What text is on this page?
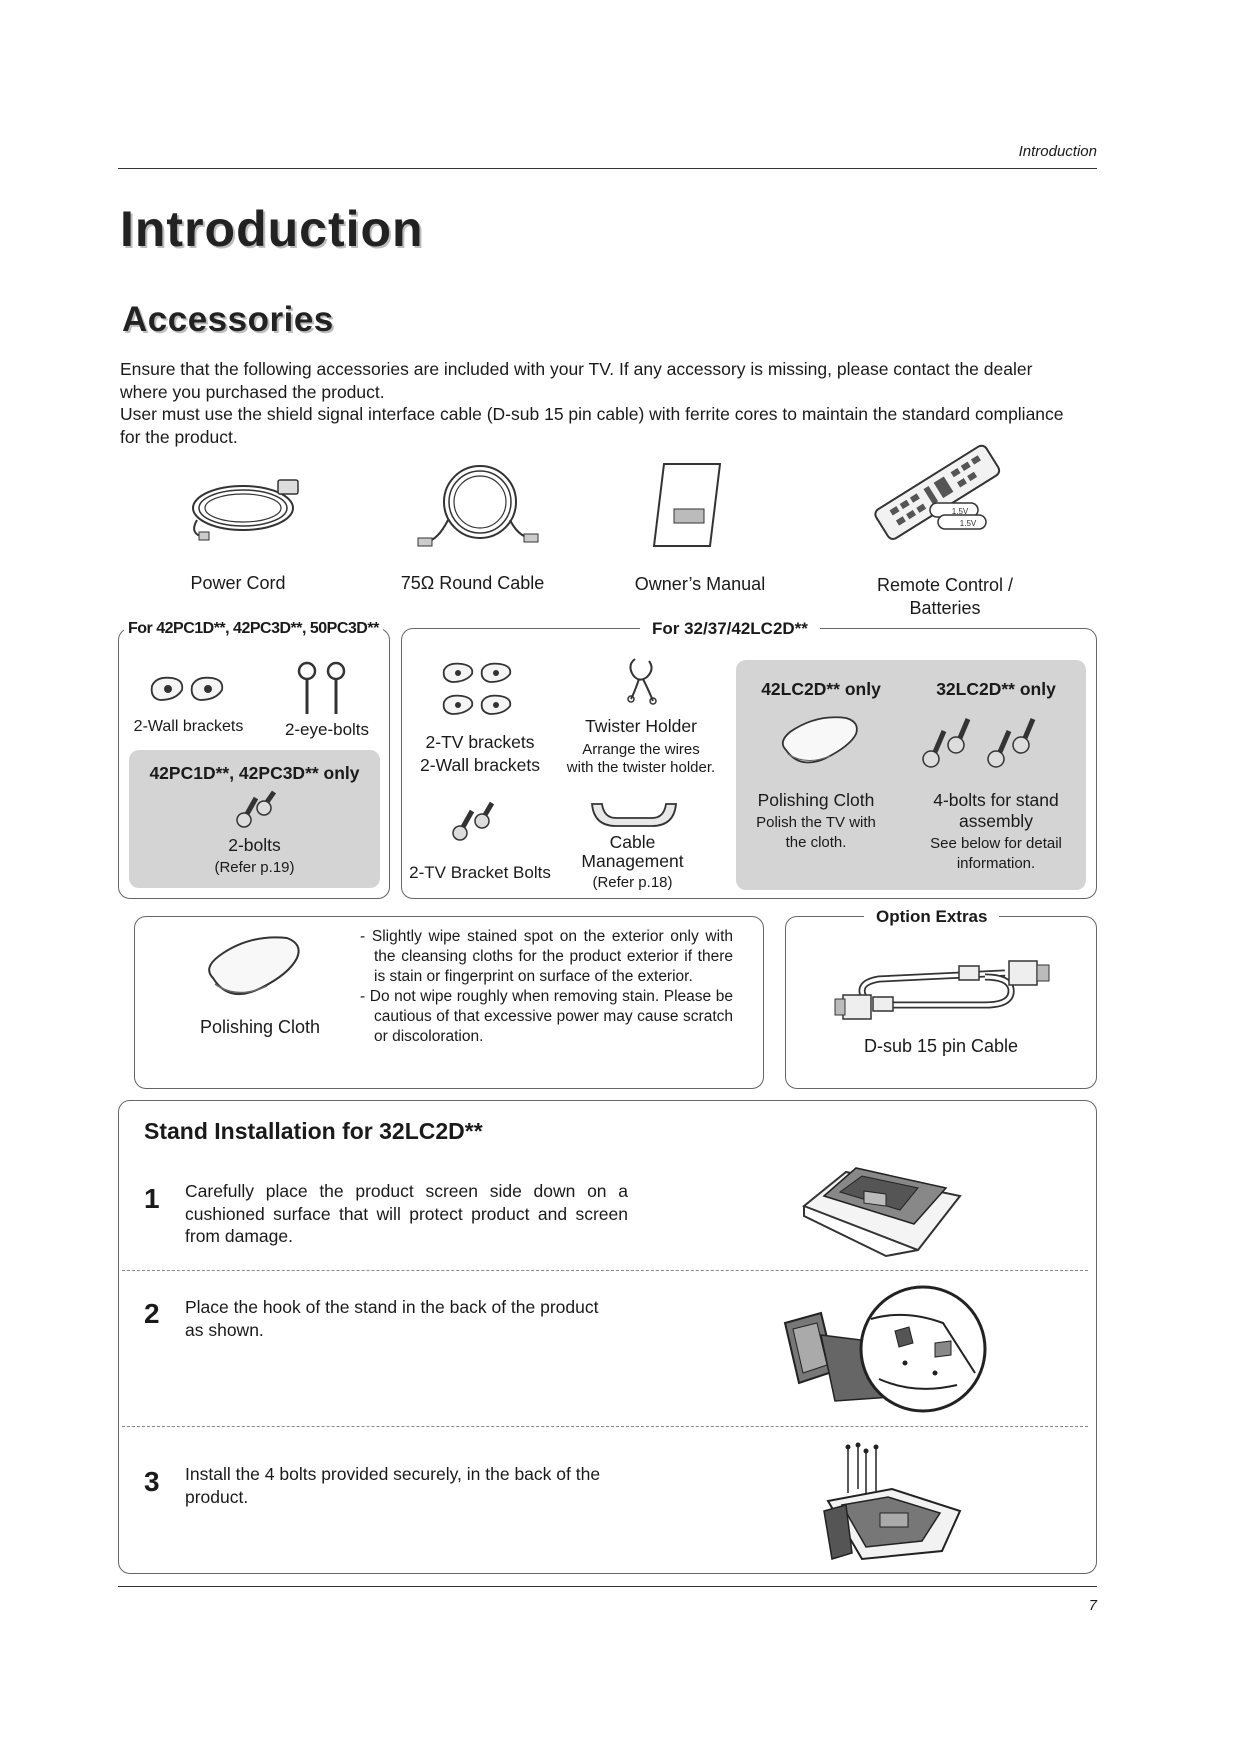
Introduction
Introduction
Accessories

Ensure that the following accessories are included with your TV. If any accessory is missing, please contact the dealer where you purchased the product.

User must use the shield signal interface cable (D-sub 15 pin cable) with ferrite cores to maintain the standard compliance for the product.

Power Cord	75Ω Round Cable	Owner’s Manual
1.5V
1.5V
Remote Control /
Batteries
For 42PC1D**, 42PC3D**, 50PC3D**
2-Wall brackets	2-eye-bolts
42PC1D**, 42PC3D** only
2-bolts
(Refer p.19)
For 32/37/42LC2D**
2-TV brackets
2-Wall brackets
Twister Holder
Arrange the wires
with the twister holder.
2-TV Bracket Bolts
Cable
Management
(Refer p.18)
42LC2D** only	32LC2D** only
Polishing Cloth
Polish the TV with
the cloth.
4-bolts for stand
assembly
See below for detail
information.
Polishing Cloth

- Slightly wipe stained spot on the exterior only with the cleansing cloths for the product exterior if there is stain or fingerprint on surface of the exterior.

- Do not wipe roughly when removing stain. Please be cautious of that excessive power may cause scratch or discoloration.

Option Extras
D-sub 15 pin Cable
Stand Installation for 32LC2D**
1 Carefully place the product screen side down on a cushioned surface that will protect product and screen from damage.
2 Place the hook of the stand in the back of the product as shown.
3 Install the 4 bolts provided securely, in the back of the product.
7
